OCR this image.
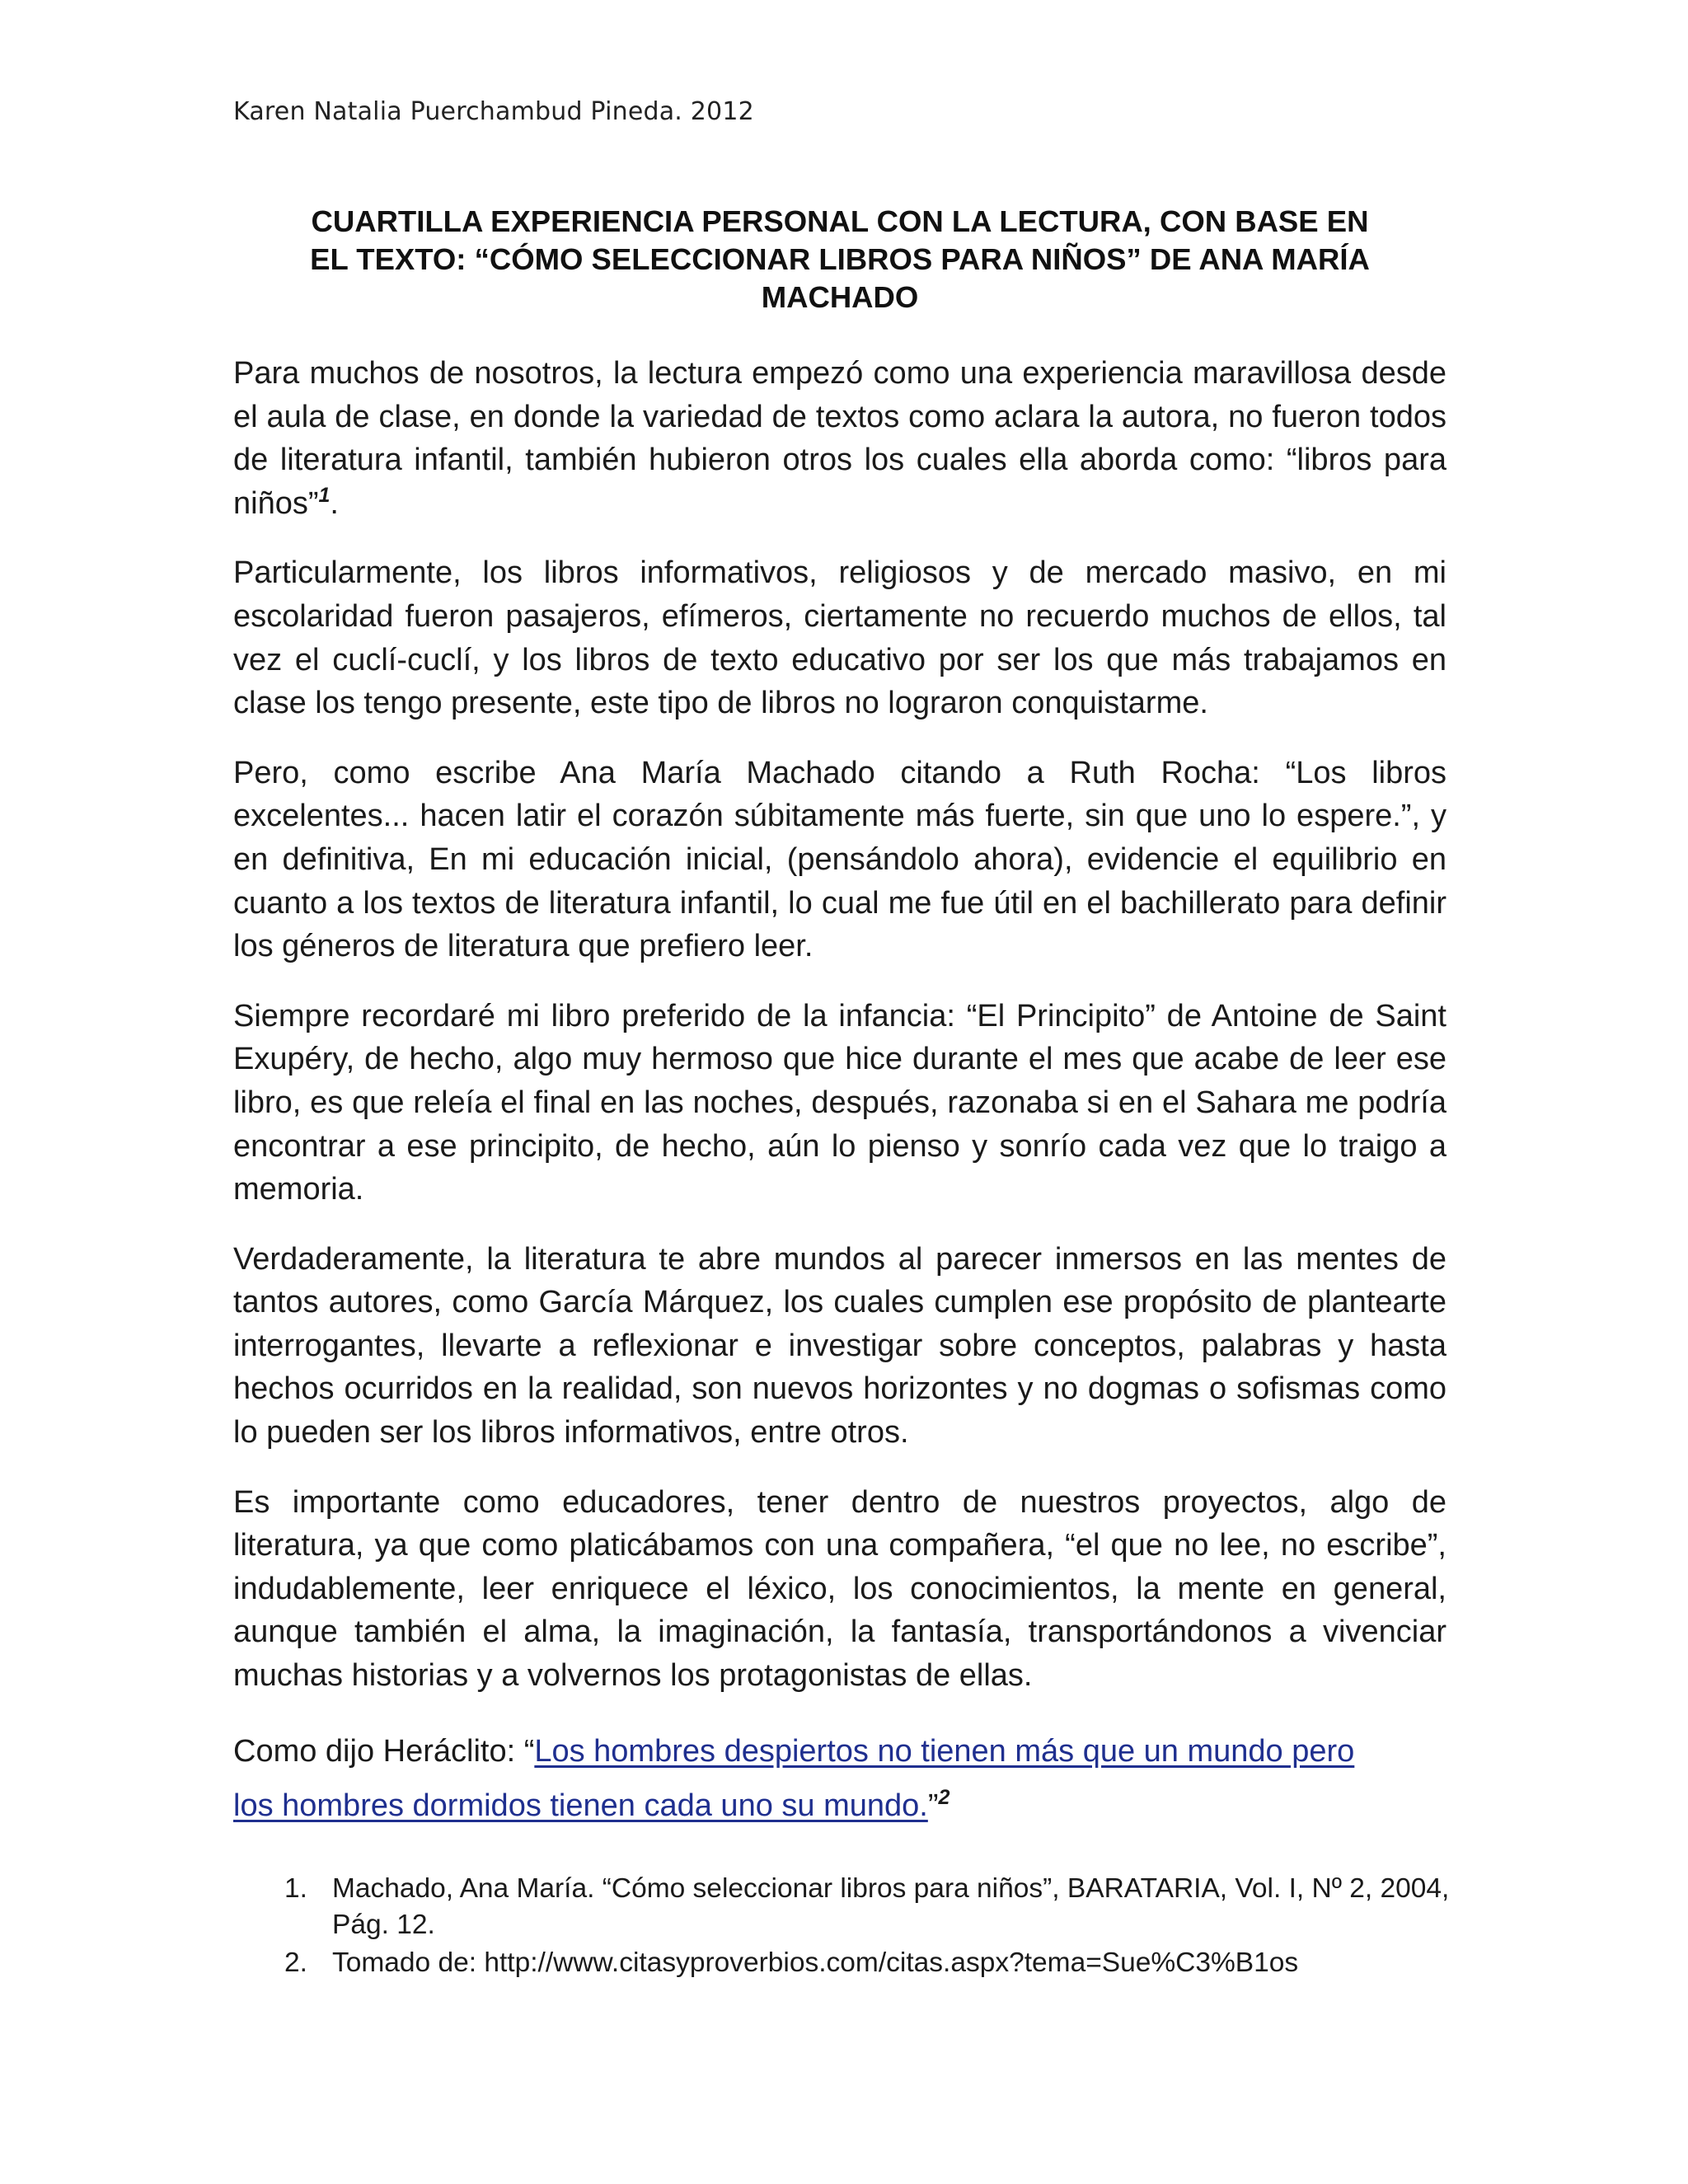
Karen Natalia Puerchambud Pineda. 2012
CUARTILLA EXPERIENCIA PERSONAL CON LA LECTURA, CON BASE EN
EL TEXTO: “CÓMO SELECCIONAR LIBROS PARA NIÑOS” DE ANA MARÍA
MACHADO

Para muchos de nosotros, la lectura empezó como una experiencia maravillosa desde el aula de clase, en donde la variedad de textos como aclara la autora, no fueron todos de literatura infantil, también hubieron otros los cuales ella aborda como: “libros para niños”$^1$.

Particularmente, los libros informativos, religiosos y de mercado masivo, en mi escolaridad fueron pasajeros, efímeros, ciertamente no recuerdo muchos de ellos, tal vez el cuclí-cuclí, y los libros de texto educativo por ser los que más trabajamos en clase los tengo presente, este tipo de libros no lograron conquistarme.

Pero, como escribe Ana María Machado citando a Ruth Rocha: “Los libros excelentes... hacen latir el corazón súbitamente más fuerte, sin que uno lo espere.”, y en definitiva, En mi educación inicial, (pensándolo ahora), evidencie el equilibrio en cuanto a los textos de literatura infantil, lo cual me fue útil en el bachillerato para definir los géneros de literatura que prefiero leer.

Siempre recordaré mi libro preferido de la infancia: “El Principito” de Antoine de Saint Exupéry, de hecho, algo muy hermoso que hice durante el mes que acabe de leer ese libro, es que releía el final en las noches, después, razonaba si en el Sahara me podría encontrar a ese principito, de hecho, aún lo pienso y sonrío cada vez que lo traigo a memoria.

Verdaderamente, la literatura te abre mundos al parecer inmersos en las mentes de tantos autores, como García Márquez, los cuales cumplen ese propósito de plantearte interrogantes, llevarte a reflexionar e investigar sobre conceptos, palabras y hasta hechos ocurridos en la realidad, son nuevos horizontes y no dogmas o sofismas como lo pueden ser los libros informativos, entre otros.

Es importante como educadores, tener dentro de nuestros proyectos, algo de literatura, ya que como platicábamos con una compañera, “el que no lee, no escribe”, indudablemente, leer enriquece el léxico, los conocimientos, la mente en general, aunque también el alma, la imaginación, la fantasía, transportándonos a vivenciar muchas historias y a volvernos los protagonistas de ellas.

Como dijo Heráclito: “Los hombres despiertos no tienen más que un mundo pero
los hombres dormidos tienen cada uno su mundo.”$^2$

1. Machado, Ana María. “Cómo seleccionar libros para niños”, BARATARIA, Vol. I, Nº 2, 2004, Pág. 12.
2. Tomado de: http://www.citasyproverbios.com/citas.aspx?tema=Sue%C3%B1os
